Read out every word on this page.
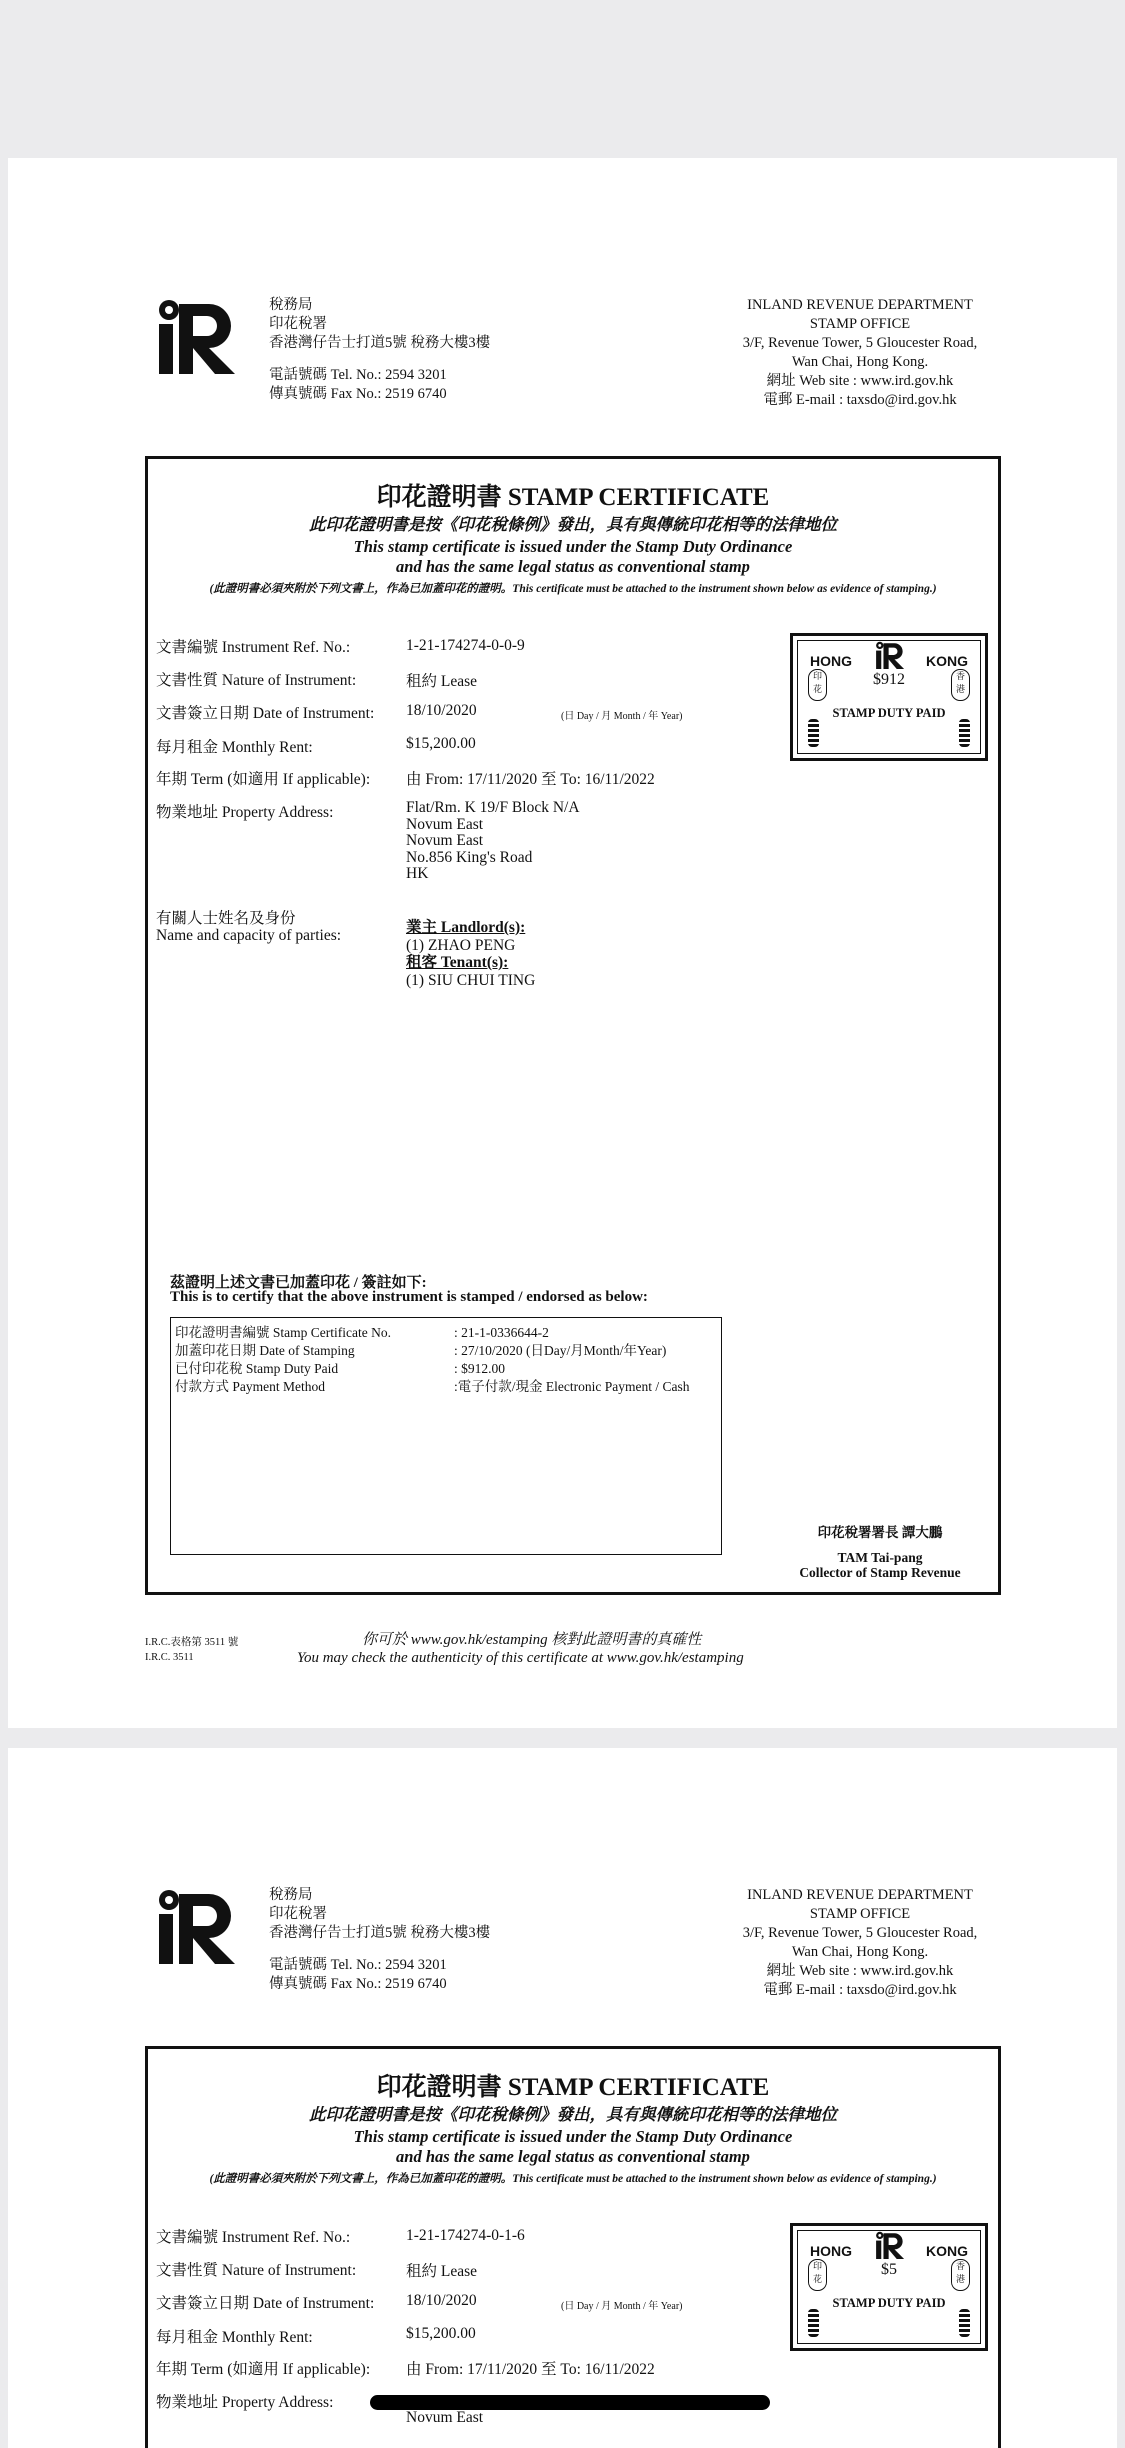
稅務局
印花稅署
香港灣仔告士打道5號 稅務大樓3樓
電話號碼 Tel. No.: 2594 3201
傳真號碼 Fax No.: 2519 6740
INLAND REVENUE DEPARTMENT
STAMP OFFICE
3/F, Revenue Tower, 5 Gloucester Road,
Wan Chai, Hong Kong.
網址 Web site : www.ird.gov.hk
電郵 E-mail : taxsdo@ird.gov.hk
印花證明書 STAMP CERTIFICATE
此印花證明書是按《印花稅條例》發出，具有與傳統印花相等的法律地位
This stamp certificate is issued under the Stamp Duty Ordinance
and has the same legal status as conventional stamp
(此證明書必須夾附於下列文書上，作為已加蓋印花的證明。This certificate must be attached to the instrument shown below as evidence of stamping.)
文書編號 Instrument Ref. No.:	1-21-174274-0-0-9
文書性質 Nature of Instrument:	租約 Lease
文書簽立日期 Date of Instrument: 18/10/2020	(日 Day / 月 Month / 年 Year)
每月租金 Monthly Rent:	$15,200.00
年期 Term (如適用 If applicable): 由 From: 17/11/2020 至 To: 16/11/2022
物業地址 Property Address:	Flat/Rm. K 19/F Block N/A
Novum East
Novum East
No.856 King's Road
HK
有關人士姓名及身份
Name and capacity of parties:	業主 Landlord(s):
(1) ZHAO PENG
租客 Tenant(s):
(1) SIU CHUI TING
HONG	KONG
$912
印花
香港
STAMP DUTY PAID
茲證明上述文書已加蓋印花 / 簽註如下:
This is to certify that the above instrument is stamped / endorsed as below:
印花證明書編號 Stamp Certificate No.	: 21-1-0336644-2
加蓋印花日期 Date of Stamping	: 27/10/2020 (日Day/月Month/年Year)
已付印花稅 Stamp Duty Paid	: $912.00
付款方式 Payment Method	:電子付款/現金 Electronic Payment / Cash
印花稅署署長 譚大鵬
TAM Tai-pang
Collector of Stamp Revenue
I.R.C.表格第 3511 號
I.R.C. 3511
你可於 www.gov.hk/estamping 核對此證明書的真確性
You may check the authenticity of this certificate at www.gov.hk/estamping
稅務局
印花稅署
香港灣仔告士打道5號 稅務大樓3樓
電話號碼 Tel. No.: 2594 3201
傳真號碼 Fax No.: 2519 6740
INLAND REVENUE DEPARTMENT
STAMP OFFICE
3/F, Revenue Tower, 5 Gloucester Road,
Wan Chai, Hong Kong.
網址 Web site : www.ird.gov.hk
電郵 E-mail : taxsdo@ird.gov.hk
印花證明書 STAMP CERTIFICATE
此印花證明書是按《印花稅條例》發出，具有與傳統印花相等的法律地位
This stamp certificate is issued under the Stamp Duty Ordinance
and has the same legal status as conventional stamp
(此證明書必須夾附於下列文書上，作為已加蓋印花的證明。This certificate must be attached to the instrument shown below as evidence of stamping.)
文書編號 Instrument Ref. No.:	1-21-174274-0-1-6
文書性質 Nature of Instrument:	租約 Lease
文書簽立日期 Date of Instrument: 18/10/2020	(日 Day / 月 Month / 年 Year)
每月租金 Monthly Rent:	$15,200.00
年期 Term (如適用 If applicable): 由 From: 17/11/2020 至 To: 16/11/2022
物業地址 Property Address:
Novum East
HONG	KONG
$5
印花
香港
STAMP DUTY PAID
